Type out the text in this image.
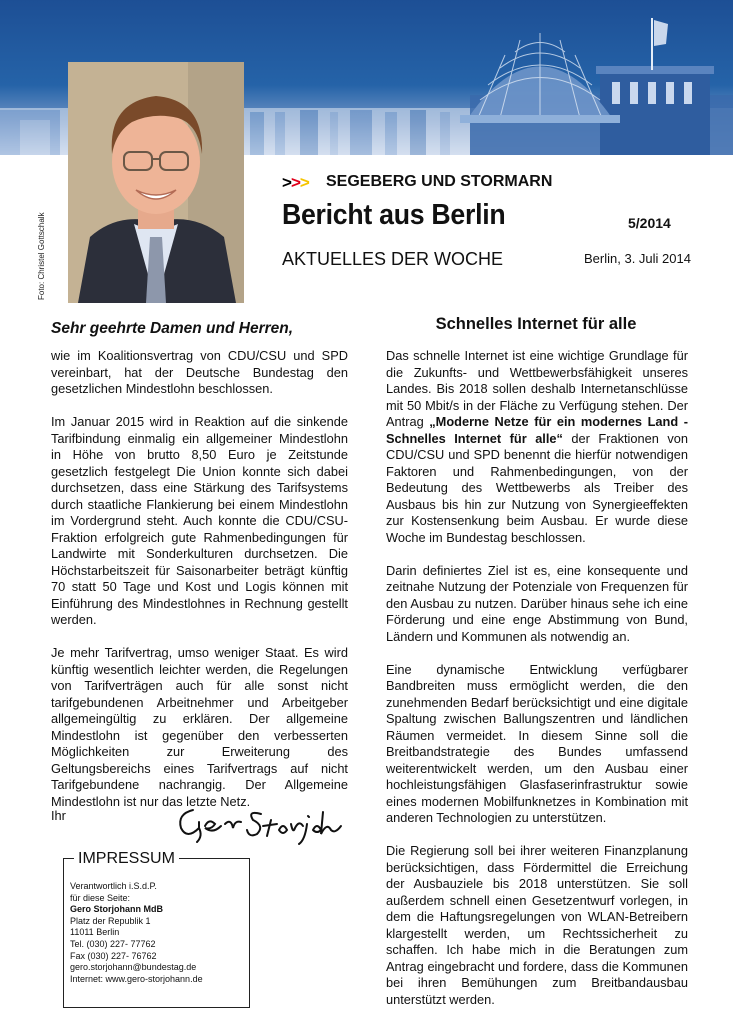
Foto: Christel Gottschalk
>>> SEGEBERG UND STORMARN
Bericht aus Berlin	5/2014
AKTUELLES DER WOCHE	Berlin, 3. Juli 2014
Sehr geehrte Damen und Herren,

wie im Koalitionsvertrag von CDU/CSU und SPD vereinbart, hat der Deutsche Bundestag den gesetzlichen Mindestlohn beschlossen.

Im Januar 2015 wird in Reaktion auf die sinkende Tarifbindung einmalig ein allgemeiner Mindestlohn in Höhe von brutto 8,50 Euro je Zeitstunde gesetzlich festgelegt Die Union konnte sich dabei durchsetzen, dass eine Stärkung des Tarifsystems durch staatliche Flankierung bei einem Mindestlohn im Vordergrund steht. Auch konnte die CDU/CSU-Fraktion erfolgreich gute Rahmenbedingungen für Landwirte mit Sonderkulturen durchsetzen. Die Höchstarbeitszeit für Saisonarbeiter beträgt künftig 70 statt 50 Tage und Kost und Logis können mit Einführung des Mindestlohnes in Rechnung gestellt werden.

Je mehr Tarifvertrag, umso weniger Staat. Es wird künftig wesentlich leichter werden, die Regelungen von Tarifverträgen auch für alle sonst nicht tarifgebundenen Arbeitnehmer und Arbeitgeber allgemeingültig zu erklären. Der allgemeine Mindestlohn ist gegenüber den verbesserten Möglichkeiten zur Erweiterung des Geltungsbereichs eines Tarifvertrags auf nicht Tarifgebundene nachrangig. Der Allgemeine Mindestlohn ist nur das letzte Netz.

Ihr
IMPRESSUM
Verantwortlich i.S.d.P.
für diese Seite:
Gero Storjohann MdB
Platz der Republik 1
11011 Berlin
Tel. (030) 227- 77762
Fax (030) 227- 76762
gero.storjohann@bundestag.de
Internet: www.gero-storjohann.de
Schnelles Internet für alle

Das schnelle Internet ist eine wichtige Grundlage für die Zukunfts- und Wettbewerbsfähigkeit unseres Landes. Bis 2018 sollen deshalb Internetanschlüsse mit 50 Mbit/s in der Fläche zu Verfügung stehen. Der Antrag „Moderne Netze für ein modernes Land - Schnelles Internet für alle“ der Fraktionen von CDU/CSU und SPD benennt die hierfür notwendigen Faktoren und Rahmenbedingungen, von der Bedeutung des Wettbewerbs als Treiber des Ausbaus bis hin zur Nutzung von Synergieeffekten zur Kostensenkung beim Ausbau. Er wurde diese Woche im Bundestag beschlossen.

Darin definiertes Ziel ist es, eine konsequente und zeitnahe Nutzung der Potenziale von Frequenzen für den Ausbau zu nutzen. Darüber hinaus sehe ich eine Förderung und eine enge Abstimmung von Bund, Ländern und Kommunen als notwendig an.

Eine dynamische Entwicklung verfügbarer Bandbreiten muss ermöglicht werden, die den zunehmenden Bedarf berücksichtigt und eine digitale Spaltung zwischen Ballungszentren und ländlichen Räumen vermeidet. In diesem Sinne soll die Breitbandstrategie des Bundes umfassend weiterentwickelt werden, um den Ausbau einer hochleistungsfähigen Glasfaserinfrastruktur sowie eines modernen Mobilfunknetzes in Kombination mit anderen Technologien zu unterstützen.

Die Regierung soll bei ihrer weiteren Finanzplanung berücksichtigen, dass Fördermittel die Erreichung der Ausbauziele bis 2018 unterstützen. Sie soll außerdem schnell einen Gesetzentwurf vorlegen, in dem die Haftungsregelungen von WLAN-Betreibern klargestellt werden, um Rechtssicherheit zu schaffen. Ich habe mich in die Beratungen zum Antrag eingebracht und fordere, dass die Kommunen bei ihren Bemühungen zum Breitbandausbau unterstützt werden.
